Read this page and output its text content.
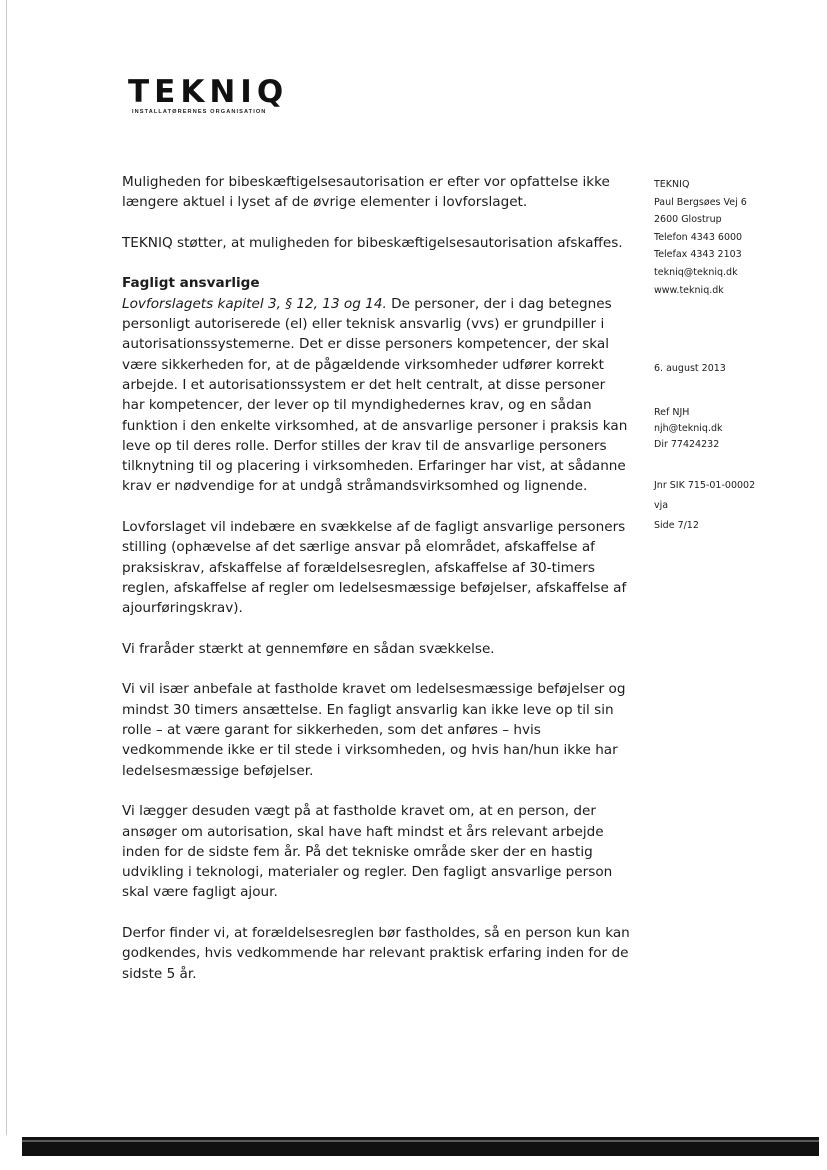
TEKNIQ
INSTALLATØRERNES ORGANISATION

Muligheden for bibeskæftigelsesautorisation er efter vor opfattelse ikke længere aktuel i lyset af de øvrige elementer i lovforslaget.

TEKNIQ støtter, at muligheden for bibeskæftigelsesautorisation afskaffes.

Fagligt ansvarlige

Lovforslagets kapitel 3, § 12, 13 og 14. De personer, der i dag betegnes personligt autoriserede (el) eller teknisk ansvarlig (vvs) er grundpiller i autorisationssystemerne. Det er disse personers kompetencer, der skal være sikkerheden for, at de pågældende virksomheder udfører korrekt arbejde. I et autorisationssystem er det helt centralt, at disse personer har kompetencer, der lever op til myndighedernes krav, og en sådan funktion i den enkelte virksomhed, at de ansvarlige personer i praksis kan leve op til deres rolle. Derfor stilles der krav til de ansvarlige personers tilknytning til og placering i virksomheden. Erfaringer har vist, at sådanne krav er nødvendige for at undgå stråmandsvirksomhed og lignende.

Lovforslaget vil indebære en svækkelse af de fagligt ansvarlige personers stilling (ophævelse af det særlige ansvar på elområdet, afskaffelse af praksiskrav, afskaffelse af forældelsesreglen, afskaffelse af 30-timers reglen, afskaffelse af regler om ledelsesmæssige beføjelser, afskaffelse af ajourføringskrav).

Vi fraråder stærkt at gennemføre en sådan svækkelse.

Vi vil især anbefale at fastholde kravet om ledelsesmæssige beføjelser og mindst 30 timers ansættelse. En fagligt ansvarlig kan ikke leve op til sin rolle – at være garant for sikkerheden, som det anføres – hvis vedkommende ikke er til stede i virksomheden, og hvis han/hun ikke har ledelsesmæssige beføjelser.

Vi lægger desuden vægt på at fastholde kravet om, at en person, der ansøger om autorisation, skal have haft mindst et års relevant arbejde inden for de sidste fem år. På det tekniske område sker der en hastig udvikling i teknologi, materialer og regler. Den fagligt ansvarlige person skal være fagligt ajour.

Derfor finder vi, at forældelsesreglen bør fastholdes, så en person kun kan godkendes, hvis vedkommende har relevant praktisk erfaring inden for de sidste 5 år.

TEKNIQ
Paul Bergsøes Vej 6
2600 Glostrup
Telefon 4343 6000
Telefax 4343 2103
tekniq@tekniq.dk
www.tekniq.dk
6. august 2013
Ref NJH
njh@tekniq.dk
Dir 77424232
Jnr SIK 715-01-00002
vja
Side 7/12
